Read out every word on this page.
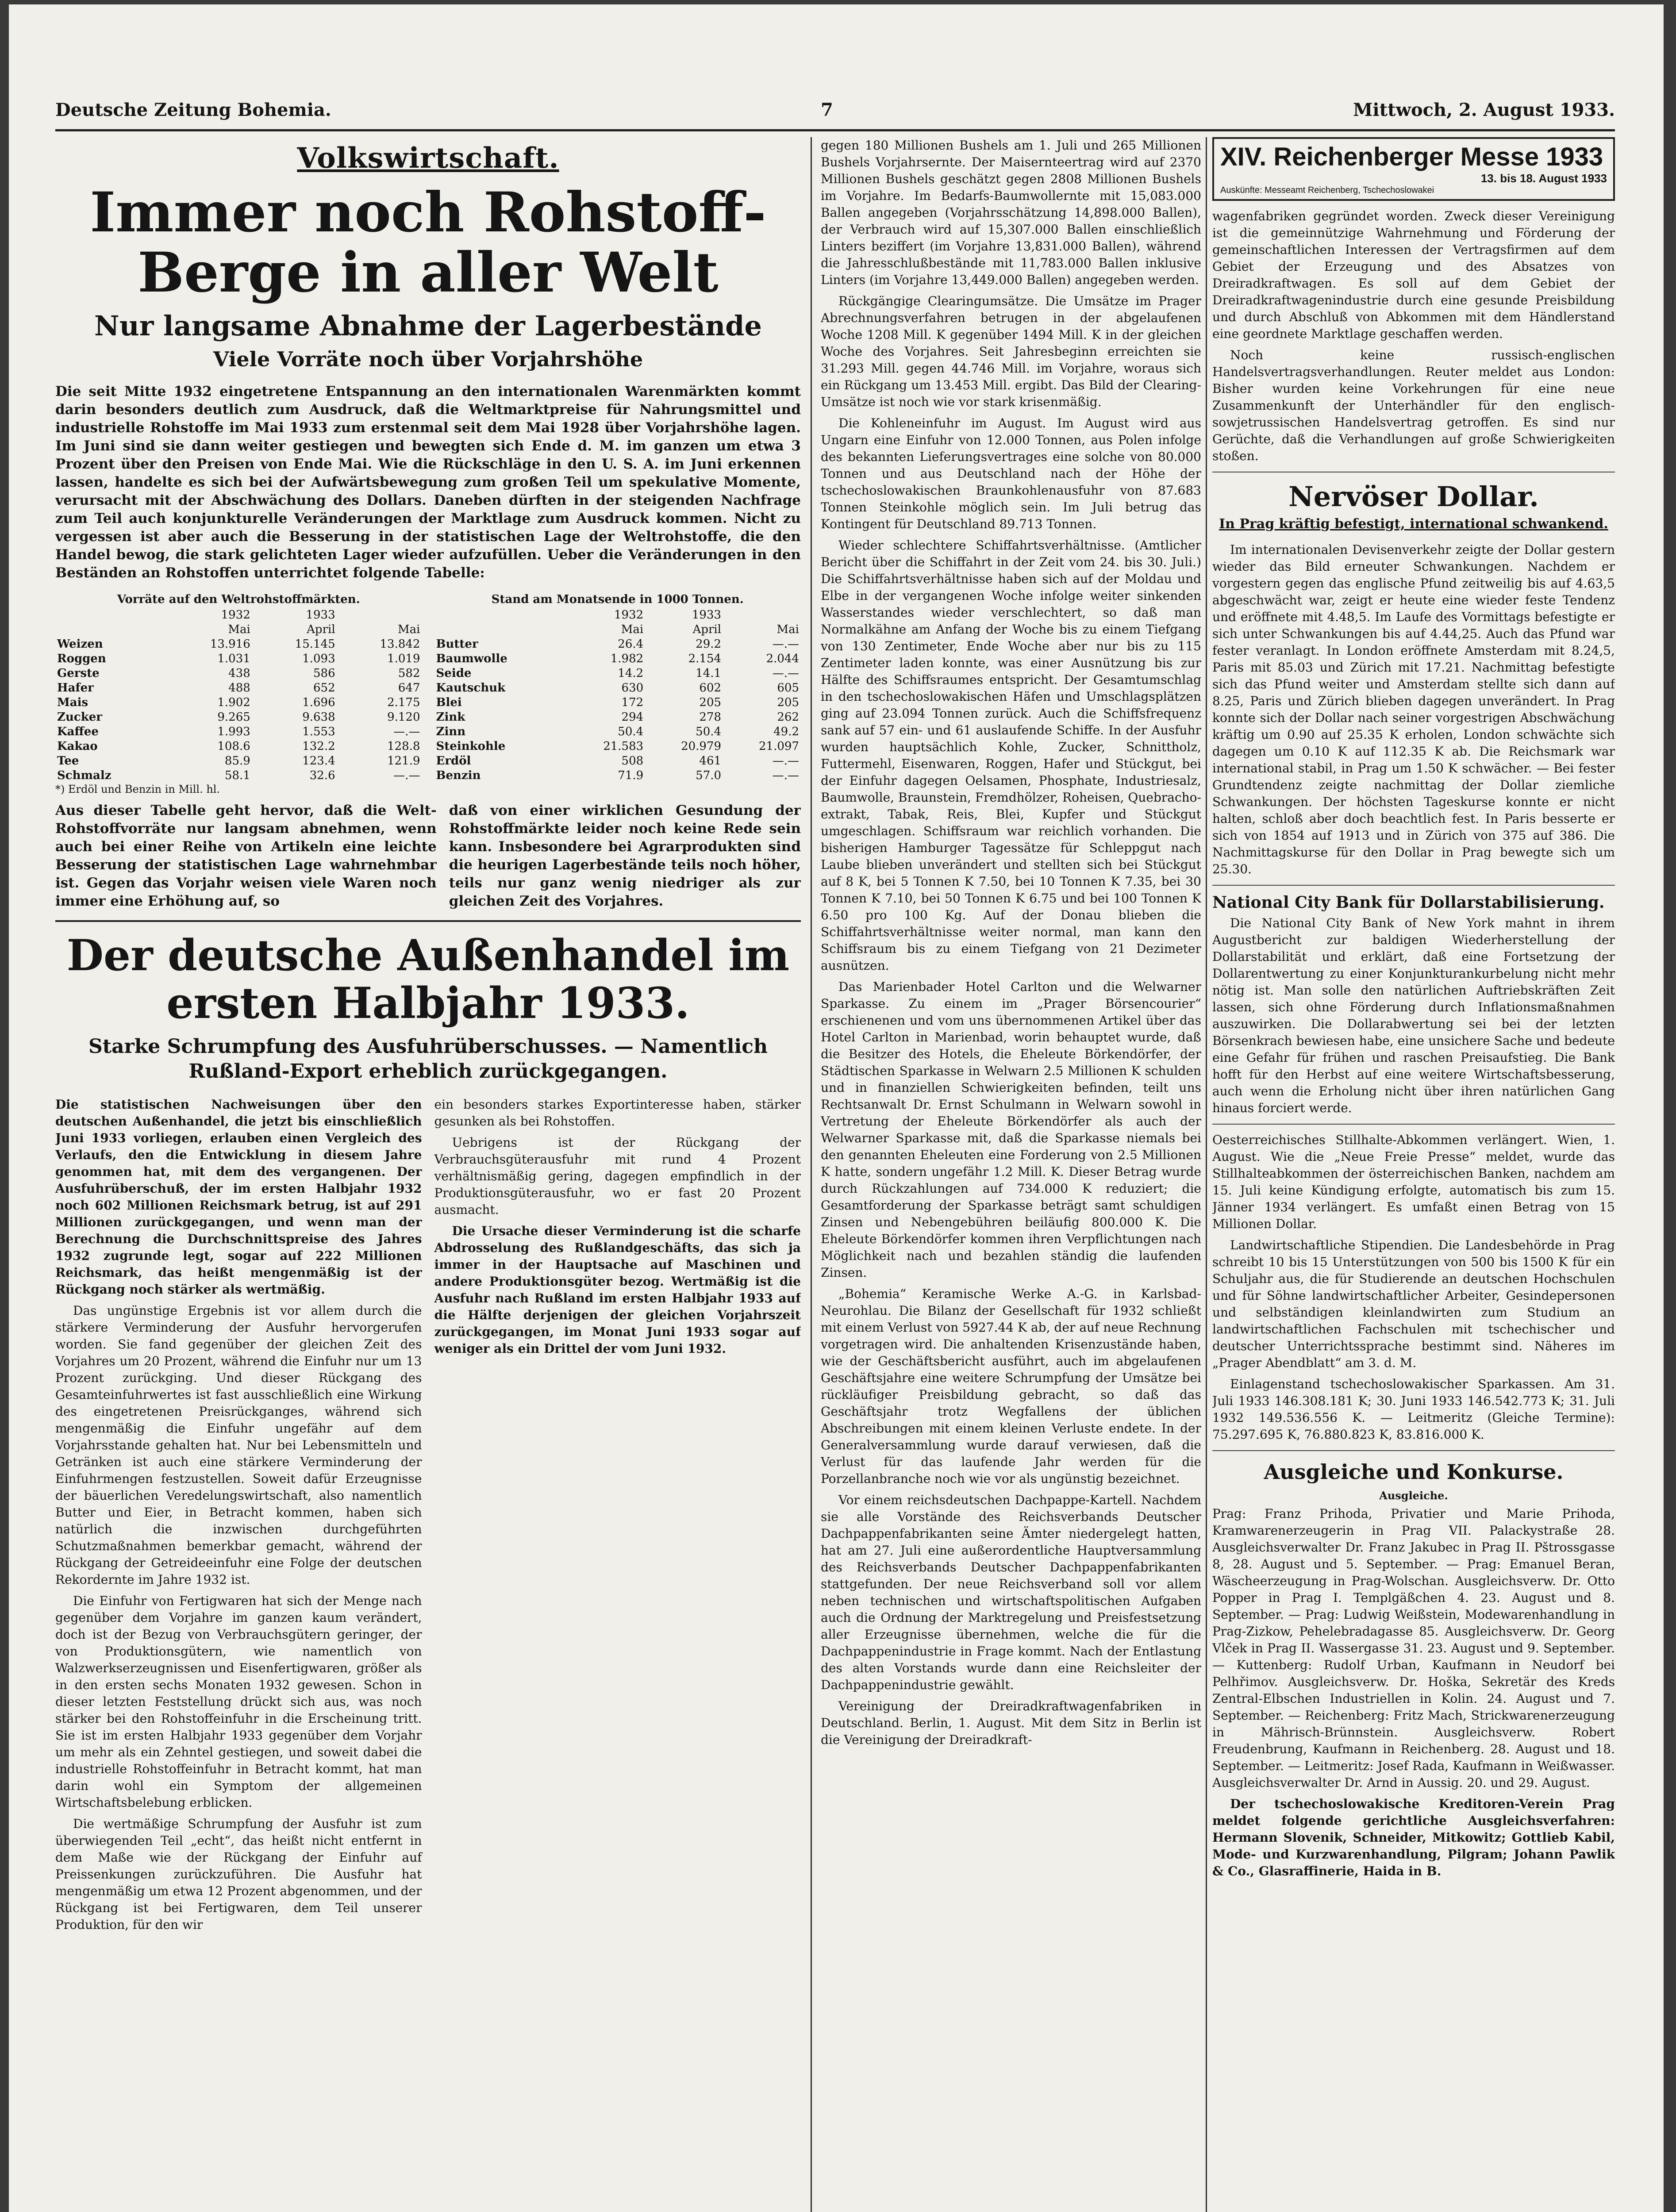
Deutsche Zeitung Bohemia.	7	Mittwoch, 2. August 1933.
Volkswirtschaft.
Immer noch Rohstoff-Berge in aller Welt
Nur langsame Abnahme der Lagerbestände
Viele Vorräte noch über Vorjahrshöhe

Die seit Mitte 1932 eingetretene Entspannung an den internationalen Warenmärkten kommt darin besonders deutlich zum Ausdruck, daß die Weltmarktpreise für Nahrungsmittel und industrielle Rohstoffe im Mai 1933 zum erstenmal seit dem Mai 1928 über Vorjahrshöhe lagen. Im Juni sind sie dann weiter gestiegen und bewegten sich Ende d. M. im ganzen um etwa 3 Prozent über den Preisen von Ende Mai. Wie die Rückschläge in den U. S. A. im Juni erkennen lassen, handelte es sich bei der Aufwärtsbewegung zum großen Teil um spekulative Momente, verursacht mit der Abschwächung des Dollars. Daneben dürften in der steigenden Nachfrage zum Teil auch konjunkturelle Veränderungen der Marktlage zum Ausdruck kommen. Nicht zu vergessen ist aber auch die Besserung in der statistischen Lage der Weltrohstoffe, die den Handel bewog, die stark gelichteten Lager wieder aufzufüllen. Ueber die Veränderungen in den Beständen an Rohstoffen unterrichtet folgende Tabelle:

Vorräte auf den Weltrohstoffmärkten.
	1932	1933	
	Mai	April	Mai
Weizen	13.916	15.145	13.842
Roggen	1.031	1.093	1.019
Gerste	438	586	582
Hafer	488	652	647
Mais	1.902	1.696	2.175
Zucker	9.265	9.638	9.120
Kaffee	1.993	1.553	—.—
Kakao	108.6	132.2	128.8
Tee	85.9	123.4	121.9
Schmalz	58.1	32.6	—.—
*) Erdöl und Benzin in Mill. hl.
Stand am Monatsende in 1000 Tonnen.
	1932	1933	
	Mai	April	Mai
Butter	26.4	29.2	—.—
Baumwolle	1.982	2.154	2.044
Seide	14.2	14.1	—.—
Kautschuk	630	602	605
Blei	172	205	205
Zink	294	278	262
Zinn	50.4	50.4	49.2
Steinkohle	21.583	20.979	21.097
Erdöl	508	461	—.—
Benzin	71.9	57.0	—.—

Aus dieser Tabelle geht hervor, daß die Welt-Rohstoffvorräte nur langsam abnehmen, wenn auch bei einer Reihe von Artikeln eine leichte Besserung der statistischen Lage wahrnehmbar ist. Gegen das Vorjahr weisen viele Waren noch immer eine Erhöhung auf, so

daß von einer wirklichen Gesundung der Rohstoffmärkte leider noch keine Rede sein kann. Insbesondere bei Agrarprodukten sind die heurigen Lagerbestände teils noch höher, teils nur ganz wenig niedriger als zur gleichen Zeit des Vorjahres.

Der deutsche Außenhandel im ersten Halbjahr 1933.
Starke Schrumpfung des Ausfuhrüberschusses. — Namentlich Rußland-Export erheblich zurückgegangen.

Die statistischen Nachweisungen über den deutschen Außenhandel, die jetzt bis einschließlich Juni 1933 vorliegen, erlauben einen Vergleich des Verlaufs, den die Entwicklung in diesem Jahre genommen hat, mit dem des vergangenen. Der Ausfuhrüberschuß, der im ersten Halbjahr 1932 noch 602 Millionen Reichsmark betrug, ist auf 291 Millionen zurückgegangen, und wenn man der Berechnung die Durchschnittspreise des Jahres 1932 zugrunde legt, sogar auf 222 Millionen Reichsmark, das heißt mengenmäßig ist der Rückgang noch stärker als wertmäßig.

Das ungünstige Ergebnis ist vor allem durch die stärkere Verminderung der Ausfuhr hervorgerufen worden. Sie fand gegenüber der gleichen Zeit des Vorjahres um 20 Prozent, während die Einfuhr nur um 13 Prozent zurückging. Und dieser Rückgang des Gesamteinfuhrwertes ist fast ausschließlich eine Wirkung des eingetretenen Preisrückganges, während sich mengenmäßig die Einfuhr ungefähr auf dem Vorjahrsstande gehalten hat. Nur bei Lebensmitteln und Getränken ist auch eine stärkere Verminderung der Einfuhrmengen festzustellen. Soweit dafür Erzeugnisse der bäuerlichen Veredelungswirtschaft, also namentlich Butter und Eier, in Betracht kommen, haben sich natürlich die inzwischen durchgeführten Schutzmaßnahmen bemerkbar gemacht, während der Rückgang der Getreideeinfuhr eine Folge der deutschen Rekordernte im Jahre 1932 ist.

Die Einfuhr von Fertigwaren hat sich der Menge nach gegenüber dem Vorjahre im ganzen kaum verändert, doch ist der Bezug von Verbrauchsgütern geringer, der von Produktionsgütern, wie namentlich von Walzwerkserzeugnissen und Eisenfertigwaren, größer als in den ersten sechs Monaten 1932 gewesen. Schon in dieser letzten Feststellung drückt sich aus, was noch stärker bei den Rohstoffeinfuhr in die Erscheinung tritt. Sie ist im ersten Halbjahr 1933 gegenüber dem Vorjahr um mehr als ein Zehntel gestiegen, und soweit dabei die industrielle Rohstoffeinfuhr in Betracht kommt, hat man darin wohl ein Symptom der allgemeinen Wirtschaftsbelebung erblicken.

Die wertmäßige Schrumpfung der Ausfuhr ist zum überwiegenden Teil „echt“, das heißt nicht entfernt in dem Maße wie der Rückgang der Einfuhr auf Preissenkungen zurückzuführen. Die Ausfuhr hat mengenmäßig um etwa 12 Prozent abgenommen, und der Rückgang ist bei Fertigwaren, dem Teil unserer Produktion, für den wir

ein besonders starkes Exportinteresse haben, stärker gesunken als bei Rohstoffen.

Uebrigens ist der Rückgang der Verbrauchsgüterausfuhr mit rund 4 Prozent verhältnismäßig gering, dagegen empfindlich in der Produktionsgüterausfuhr, wo er fast 20 Prozent ausmacht.

Die Ursache dieser Verminderung ist die scharfe Abdrosselung des Rußlandgeschäfts, das sich ja immer in der Hauptsache auf Maschinen und andere Produktionsgüter bezog. Wertmäßig ist die Ausfuhr nach Rußland im ersten Halbjahr 1933 auf die Hälfte derjenigen der gleichen Vorjahrszeit zurückgegangen, im Monat Juni 1933 sogar auf weniger als ein Drittel der vom Juni 1932.

gegen 180 Millionen Bushels am 1. Juli und 265 Millionen Bushels Vorjahrsernte. Der Maisernteertrag wird auf 2370 Millionen Bushels geschätzt gegen 2808 Millionen Bushels im Vorjahre. Im Bedarfs-Baumwollernte mit 15,083.000 Ballen angegeben (Vorjahrsschätzung 14,898.000 Ballen), der Verbrauch wird auf 15,307.000 Ballen einschließlich Linters beziffert (im Vorjahre 13,831.000 Ballen), während die Jahresschlußbestände mit 11,783.000 Ballen inklusive Linters (im Vorjahre 13,449.000 Ballen) angegeben werden.

Rückgängige Clearingumsätze. Die Umsätze im Prager Abrechnungsverfahren betrugen in der abgelaufenen Woche 1208 Mill. K gegenüber 1494 Mill. K in der gleichen Woche des Vorjahres. Seit Jahresbeginn erreichten sie 31.293 Mill. gegen 44.746 Mill. im Vorjahre, woraus sich ein Rückgang um 13.453 Mill. ergibt. Das Bild der Clearing-Umsätze ist noch wie vor stark krisenmäßig.

Die Kohleneinfuhr im August. Im August wird aus Ungarn eine Einfuhr von 12.000 Tonnen, aus Polen infolge des bekannten Lieferungsvertrages eine solche von 80.000 Tonnen und aus Deutschland nach der Höhe der tschechoslowakischen Braunkohlenausfuhr von 87.683 Tonnen Steinkohle möglich sein. Im Juli betrug das Kontingent für Deutschland 89.713 Tonnen.

Wieder schlechtere Schiffahrtsverhältnisse. (Amtlicher Bericht über die Schiffahrt in der Zeit vom 24. bis 30. Juli.) Die Schiffahrtsverhältnisse haben sich auf der Moldau und Elbe in der vergangenen Woche infolge weiter sinkenden Wasserstandes wieder verschlechtert, so daß man Normalkähne am Anfang der Woche bis zu einem Tiefgang von 130 Zentimeter, Ende Woche aber nur bis zu 115 Zentimeter laden konnte, was einer Ausnützung bis zur Hälfte des Schiffsraumes entspricht. Der Gesamtumschlag in den tschechoslowakischen Häfen und Umschlagsplätzen ging auf 23.094 Tonnen zurück. Auch die Schiffsfrequenz sank auf 57 ein- und 61 auslaufende Schiffe. In der Ausfuhr wurden hauptsächlich Kohle, Zucker, Schnittholz, Futtermehl, Eisenwaren, Roggen, Hafer und Stückgut, bei der Einfuhr dagegen Oelsamen, Phosphate, Industriesalz, Baumwolle, Braunstein, Fremdhölzer, Roheisen, Quebracho-extrakt, Tabak, Reis, Blei, Kupfer und Stückgut umgeschlagen. Schiffsraum war reichlich vorhanden. Die bisherigen Hamburger Tagessätze für Schleppgut nach Laube blieben unverändert und stellten sich bei Stückgut auf 8 K, bei 5 Tonnen K 7.50, bei 10 Tonnen K 7.35, bei 30 Tonnen K 7.10, bei 50 Tonnen K 6.75 und bei 100 Tonnen K 6.50 pro 100 Kg. Auf der Donau blieben die Schiffahrtsverhältnisse weiter normal, man kann den Schiffsraum bis zu einem Tiefgang von 21 Dezimeter ausnützen.

Das Marienbader Hotel Carlton und die Welwarner Sparkasse. Zu einem im „Prager Börsencourier“ erschienenen und vom uns übernommenen Artikel über das Hotel Carlton in Marienbad, worin behauptet wurde, daß die Besitzer des Hotels, die Eheleute Börkendörfer, der Städtischen Sparkasse in Welwarn 2.5 Millionen K schulden und in finanziellen Schwierigkeiten befinden, teilt uns Rechtsanwalt Dr. Ernst Schulmann in Welwarn sowohl in Vertretung der Eheleute Börkendörfer als auch der Welwarner Sparkasse mit, daß die Sparkasse niemals bei den genannten Eheleuten eine Forderung von 2.5 Millionen K hatte, sondern ungefähr 1.2 Mill. K. Dieser Betrag wurde durch Rückzahlungen auf 734.000 K reduziert; die Gesamtforderung der Sparkasse beträgt samt schuldigen Zinsen und Nebengebühren beiläufig 800.000 K. Die Eheleute Börkendörfer kommen ihren Verpflichtungen nach Möglichkeit nach und bezahlen ständig die laufenden Zinsen.

„Bohemia“ Keramische Werke A.-G. in Karlsbad-Neurohlau. Die Bilanz der Gesellschaft für 1932 schließt mit einem Verlust von 5927.44 K ab, der auf neue Rechnung vorgetragen wird. Die anhaltenden Krisenzustände haben, wie der Geschäftsbericht ausführt, auch im abgelaufenen Geschäftsjahre eine weitere Schrumpfung der Umsätze bei rückläufiger Preisbildung gebracht, so daß das Geschäftsjahr trotz Wegfallens der üblichen Abschreibungen mit einem kleinen Verluste endete. In der Generalversammlung wurde darauf verwiesen, daß die Verlust für das laufende Jahr werden für die Porzellanbranche noch wie vor als ungünstig bezeichnet.

Vor einem reichsdeutschen Dachpappe-Kartell. Nachdem sie alle Vorstände des Reichsverbands Deutscher Dachpappenfabrikanten seine Ämter niedergelegt hatten, hat am 27. Juli eine außerordentliche Hauptversammlung des Reichsverbands Deutscher Dachpappenfabrikanten stattgefunden. Der neue Reichsverband soll vor allem neben technischen und wirtschaftspolitischen Aufgaben auch die Ordnung der Marktregelung und Preisfestsetzung aller Erzeugnisse übernehmen, welche die für die Dachpappenindustrie in Frage kommt. Nach der Entlastung des alten Vorstands wurde dann eine Reichsleiter der Dachpappenindustrie gewählt.

Vereinigung der Dreiradkraftwagenfabriken in Deutschland. Berlin, 1. August. Mit dem Sitz in Berlin ist die Vereinigung der Dreiradkraft-

XIV. Reichenberger Messe 1933
13. bis 18. August 1933
Auskünfte: Messeamt Reichenberg, Tschechoslowakei

wagenfabriken gegründet worden. Zweck dieser Vereinigung ist die gemeinnützige Wahrnehmung und Förderung der gemeinschaftlichen Interessen der Vertragsfirmen auf dem Gebiet der Erzeugung und des Absatzes von Dreiradkraftwagen. Es soll auf dem Gebiet der Dreiradkraftwagenindustrie durch eine gesunde Preisbildung und durch Abschluß von Abkommen mit dem Händlerstand eine geordnete Marktlage geschaffen werden.

Noch keine russisch-englischen Handelsvertragsverhandlungen. Reuter meldet aus London: Bisher wurden keine Vorkehrungen für eine neue Zusammenkunft der Unterhändler für den englisch-sowjetrussischen Handelsvertrag getroffen. Es sind nur Gerüchte, daß die Verhandlungen auf große Schwierigkeiten stoßen.

Nervöser Dollar.
In Prag kräftig befestigt, international schwankend.

Im internationalen Devisenverkehr zeigte der Dollar gestern wieder das Bild erneuter Schwankungen. Nachdem er vorgestern gegen das englische Pfund zeitweilig bis auf 4.63,5 abgeschwächt war, zeigt er heute eine wieder feste Tendenz und eröffnete mit 4.48,5. Im Laufe des Vormittags befestigte er sich unter Schwankungen bis auf 4.44,25. Auch das Pfund war fester veranlagt. In London eröffnete Amsterdam mit 8.24,5, Paris mit 85.03 und Zürich mit 17.21. Nachmittag befestigte sich das Pfund weiter und Amsterdam stellte sich dann auf 8.25, Paris und Zürich blieben dagegen unverändert. In Prag konnte sich der Dollar nach seiner vorgestrigen Abschwächung kräftig um 0.90 auf 25.35 K erholen, London schwächte sich dagegen um 0.10 K auf 112.35 K ab. Die Reichsmark war international stabil, in Prag um 1.50 K schwächer. — Bei fester Grundtendenz zeigte nachmittag der Dollar ziemliche Schwankungen. Der höchsten Tageskurse konnte er nicht halten, schloß aber doch beachtlich fest. In Paris besserte er sich von 1854 auf 1913 und in Zürich von 375 auf 386. Die Nachmittagskurse für den Dollar in Prag bewegte sich um 25.30.

National City Bank für Dollarstabilisierung.

Die National City Bank of New York mahnt in ihrem Augustbericht zur baldigen Wiederherstellung der Dollarstabilität und erklärt, daß eine Fortsetzung der Dollarentwertung zu einer Konjunkturankurbelung nicht mehr nötig ist. Man solle den natürlichen Auftriebskräften Zeit lassen, sich ohne Förderung durch Inflationsmaßnahmen auszuwirken. Die Dollarabwertung sei bei der letzten Börsenkrach bewiesen habe, eine unsichere Sache und bedeute eine Gefahr für frühen und raschen Preisaufstieg. Die Bank hofft für den Herbst auf eine weitere Wirtschaftsbesserung, auch wenn die Erholung nicht über ihren natürlichen Gang hinaus forciert werde.

Oesterreichisches Stillhalte-Abkommen verlängert. Wien, 1. August. Wie die „Neue Freie Presse“ meldet, wurde das Stillhalteabkommen der österreichischen Banken, nachdem am 15. Juli keine Kündigung erfolgte, automatisch bis zum 15. Jänner 1934 verlängert. Es umfaßt einen Betrag von 15 Millionen Dollar.

Landwirtschaftliche Stipendien. Die Landesbehörde in Prag schreibt 10 bis 15 Unterstützungen von 500 bis 1500 K für ein Schuljahr aus, die für Studierende an deutschen Hochschulen und für Söhne landwirtschaftlicher Arbeiter, Gesindepersonen und selbständigen kleinlandwirten zum Studium an landwirtschaftlichen Fachschulen mit tschechischer und deutscher Unterrichtssprache bestimmt sind. Näheres im „Prager Abendblatt“ am 3. d. M.

Einlagenstand tschechoslowakischer Sparkassen. Am 31. Juli 1933 146.308.181 K; 30. Juni 1933 146.542.773 K; 31. Juli 1932 149.536.556 K. — Leitmeritz (Gleiche Termine): 75.297.695 K, 76.880.823 K, 83.816.000 K.

Ausgleiche und Konkurse.
Ausgleiche.

Prag: Franz Prihoda, Privatier und Marie Prihoda, Kramwarenerzeugerin in Prag VII. Palackystraße 28. Ausgleichsverwalter Dr. Franz Jakubec in Prag II. Pštrossgasse 8, 28. August und 5. September. — Prag: Emanuel Beran, Wäscheerzeugung in Prag-Wolschan. Ausgleichsverw. Dr. Otto Popper in Prag I. Templgäßchen 4. 23. August und 8. September. — Prag: Ludwig Weißstein, Modewarenhandlung in Prag-Zizkow, Pehelebradagasse 85. Ausgleichsverw. Dr. Georg Vlček in Prag II. Wassergasse 31. 23. August und 9. September. — Kuttenberg: Rudolf Urban, Kaufmann in Neudorf bei Pelhřimov. Ausgleichsverw. Dr. Hoška, Sekretär des Kreds Zentral-Elbschen Industriellen in Kolin. 24. August und 7. September. — Reichenberg: Fritz Mach, Strickwarenerzeugung in Mährisch-Brünnstein. Ausgleichsverw. Robert Freudenbrung, Kaufmann in Reichenberg. 28. August und 18. September. — Leitmeritz: Josef Rada, Kaufmann in Weißwasser. Ausgleichsverwalter Dr. Arnd in Aussig. 20. und 29. August.

Der tschechoslowakische Kreditoren-Verein Prag meldet folgende gerichtliche Ausgleichsverfahren: Hermann Slovenik, Schneider, Mitkowitz; Gottlieb Kabil, Mode- und Kurzwarenhandlung, Pilgram; Johann Pawlik & Co., Glasraffinerie, Haida in B.
